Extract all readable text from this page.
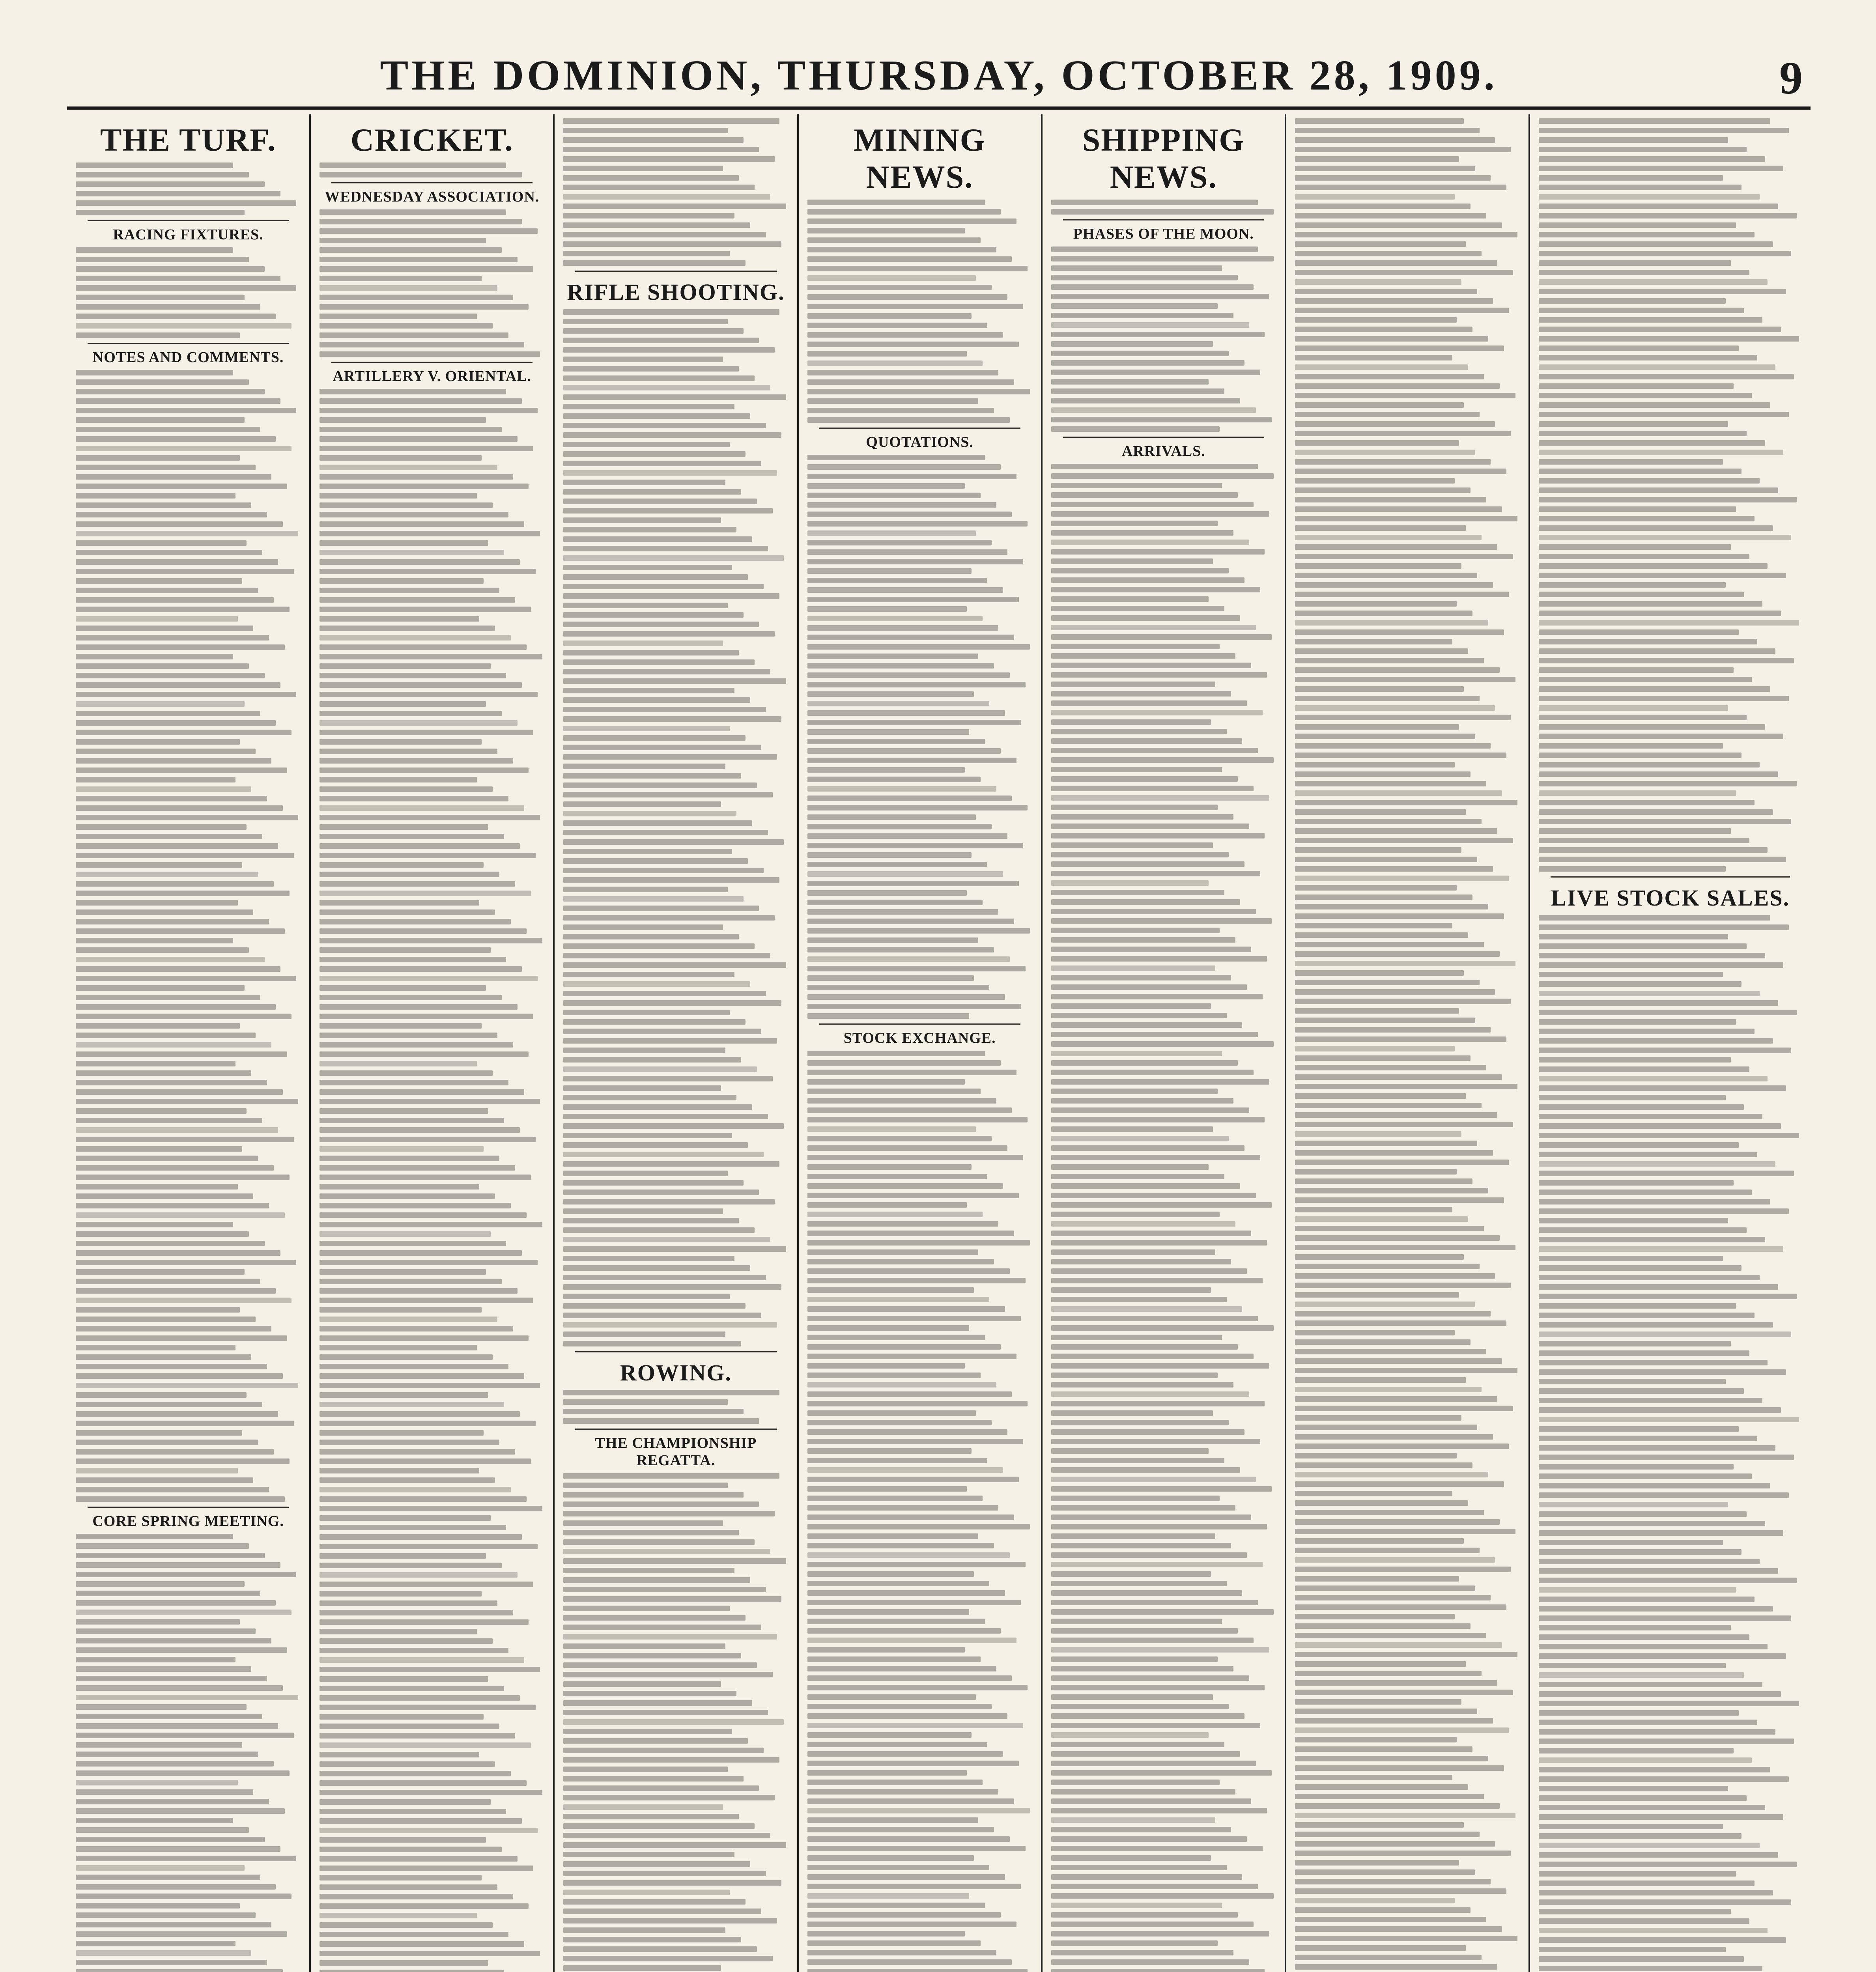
THE DOMINION, THURSDAY, OCTOBER 28, 1909.	9
THE TURF.
RACING FIXTURES.
NOTES AND COMMENTS.
CORE SPRING MEETING.
CRICKET.
WEDNESDAY ASSOCIATION.
ARTILLERY V. ORIENTAL.
RIFLE SHOOTING.
ROWING.
THE CHAMPIONSHIP REGATTA.
MINING NEWS.
QUOTATIONS.
STOCK EXCHANGE.
SHIPPING NEWS.
PHASES OF THE MOON.
ARRIVALS.
LIVE STOCK SALES.
